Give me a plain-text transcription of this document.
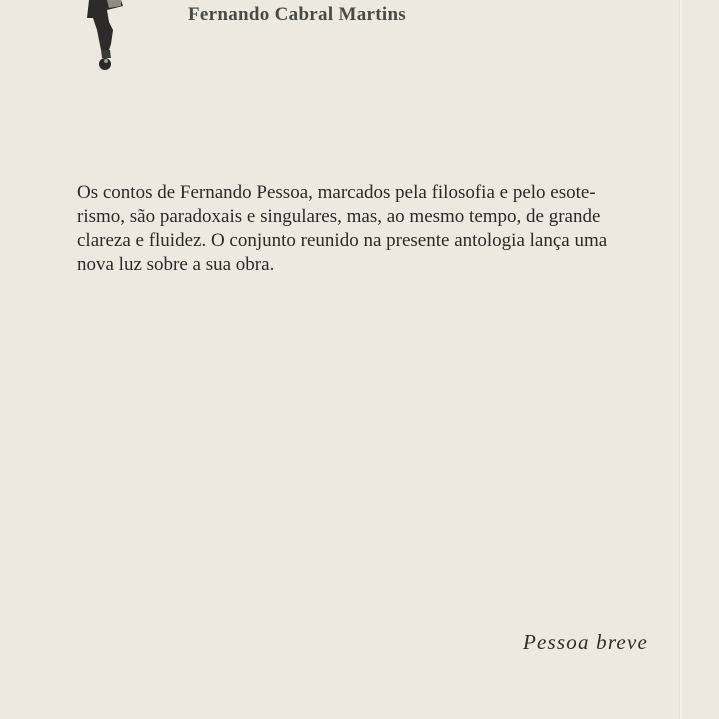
Fernando Cabral Martins

Os contos de Fernando Pessoa, marcados pela filosofia e pelo esote-

rismo, são paradoxais e singulares, mas, ao mesmo tempo, de grande

clareza e fluidez. O conjunto reunido na presente antologia lança uma

nova luz sobre a sua obra.

Pessoa breve
